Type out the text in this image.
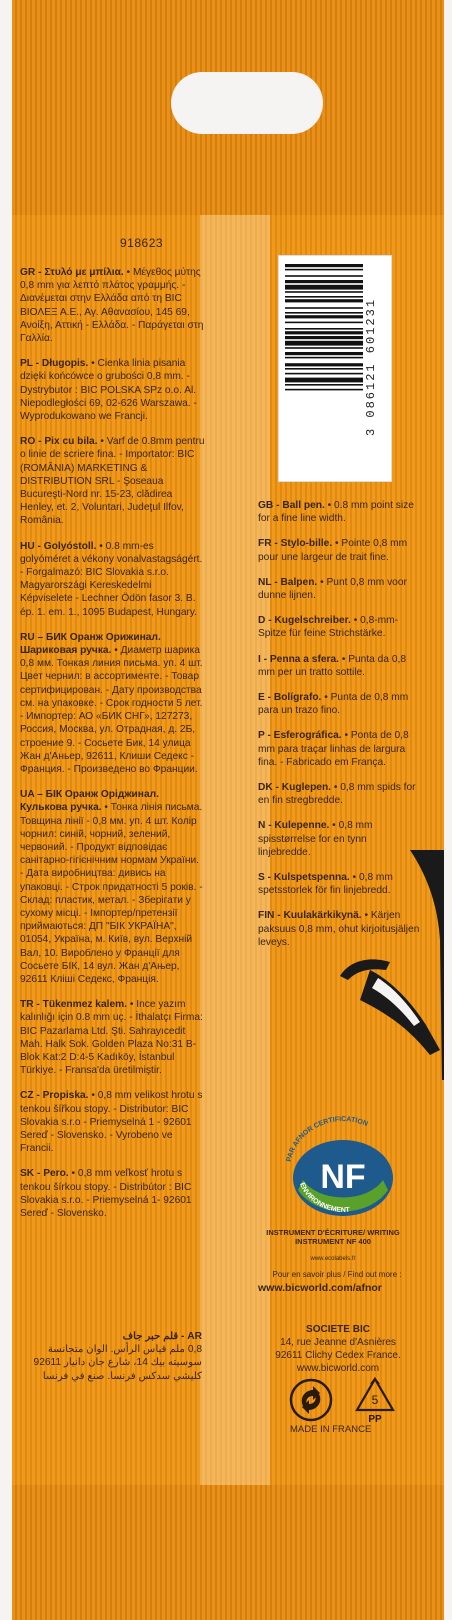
918623
GR - Στυλό με μπίλια. • Μέγεθος μύτης 0,8 mm για λεπτό πλάτος γραμμής. - Διανέμεται στην Ελλάδα από τη BIC ΒΙΟΛΕΞ Α.Ε., Αγ. Αθανασίου, 145 69, Ανοίξη, Αττική - Ελλάδα. - Παράγεται στη Γαλλία.
PL - Długopis. • Cienka linia pisania dzięki końcówce o grubości 0,8 mm. - Dystrybutor : BIC POLSKA SPz o.o. Al. Niepodległości 69, 02-626 Warszawa. - Wyprodukowano we Francji.
RO - Pix cu bila. • Varf de 0.8mm pentru o linie de scriere fina. - Importator: BIC (ROMÂNIA) MARKETING & DISTRIBUTION SRL - Şoseaua Bucureşti-Nord nr. 15-23, clădirea Henley, et. 2, Voluntari, Judeţul Ilfov, România.
HU - Golyóstoll. • 0.8 mm-es golyóméret a vékony vonalvastagságért. - Forgalmazó: BIC Slovakia s.r.o. Magyarországi Kereskedelmi Képviselete - Lechner Ödön fasor 3. B. ép. 1. em. 1., 1095 Budapest, Hungary.
RU – БИК Оранж Орижинал. Шариковая ручка. • Диаметр шарика 0,8 мм. Тонкая линия письма. уп. 4 шт. Цвет чернил: в ассортименте. - Товар сертифицирован. - Дату производства см. на упаковке. - Срок годности 5 лет. - Импортер: АО «БИК СНГ», 127273, Россия, Москва, ул. Отрадная, д. 2Б, строение 9. - Сосьете Бик, 14 улица Жан д'Аньер, 92611, Клиши Седекс - Франция. - Произведено во Франции.
UA – БІК Оранж Оріджинал. Кулькова ручка. • Тонка лінія письма. Товщина лінії - 0,8 мм. уп. 4 шт. Колір чорнил: синій, чорний, зелений, червоний. - Продукт відповідає санітарно-гігієнічним нормам України. - Дата виробництва: дивись на упаковці. - Строк придатності 5 років. - Склад: пластик, метал. - Зберігати у сухому місці. - Імпортер/претензії приймаються: ДП "БІК УКРАЇНА", 01054, Україна, м. Київ, вул. Верхній Вал, 10. Вироблено у Франції для Сосьете БІК, 14 вул. Жан д'Ањер, 92611 Клішi Седекс, Франція.
TR - Tükenmez kalem. • Ince yazım kalınlığı için 0.8 mm uç. - İthalatçı Firma: BIC Pazarlama Ltd. Şti. Sahrayıcedit Mah. Halk Sok. Golden Plaza No:31 B-Blok Kat:2 D:4-5 Kadıköy, İstanbul Türkiye. - Fransa'da üretilmiştir.
CZ - Propiska. • 0,8 mm velikost hrotu s tenkou šířkou stopy. - Distributor: BIC Slovakia s.r.o - Priemyselná 1 - 92601 Sereď - Slovensko. - Vyrobeno ve Francii.
SK - Pero. • 0,8 mm veľkosť hrotu s tenkou šírkou stopy. - Distribútor : BIC Slovakia s.r.o. - Priemyselná 1- 92601 Sereď - Slovensko.
AR - قلم حبر جاف
0,8 ملم قياس الرأس. الوان متجانسة سوسيته بيك 14، شارع جان دانيار 92611 كليشي سدكس فرنسا. صنع في فرنسا
3 086121 601231
GB - Ball pen. • 0.8 mm point size for a fine line width.
FR - Stylo-bille. • Pointe 0,8 mm pour une largeur de trait fine.
NL - Balpen. • Punt 0,8 mm voor dunne lijnen.
D - Kugelschreiber. • 0,8-mm-Spitze für feine Strichstärke.
I - Penna a sfera. • Punta da 0,8 mm per un tratto sottile.
E - Bolígrafo. • Punta de 0,8 mm para un trazo fino.
P - Esferográfica. • Ponta de 0,8 mm para traçar linhas de largura fina. - Fabricado em França.
DK - Kuglepen. • 0,8 mm spids for en fin stregbredde.
N - Kulepenne. • 0,8 mm spisstørrelse for en tynn linjebredde.
S - Kulspetspenna. • 0,8 mm spetsstorlek för fin linjebredd.
FIN - Kuulakärkikynä. • Kärjen paksuus 0,8 mm, ohut kirjoitusjäljen leveys.
PAR AFNOR CERTIFICATION
NF
ENVIRONNEMENT
INSTRUMENT D'ÉCRITURE/ WRITING INSTRUMENT NF 400
www.ecolabels.fr
Pour en savoir plus / Find out more :
www.bicworld.com/afnor
SOCIETE BIC
14, rue Jeanne d'Asnières
92611 Clichy Cedex France.
www.bicworld.com
5
PP
MADE IN FRANCE
